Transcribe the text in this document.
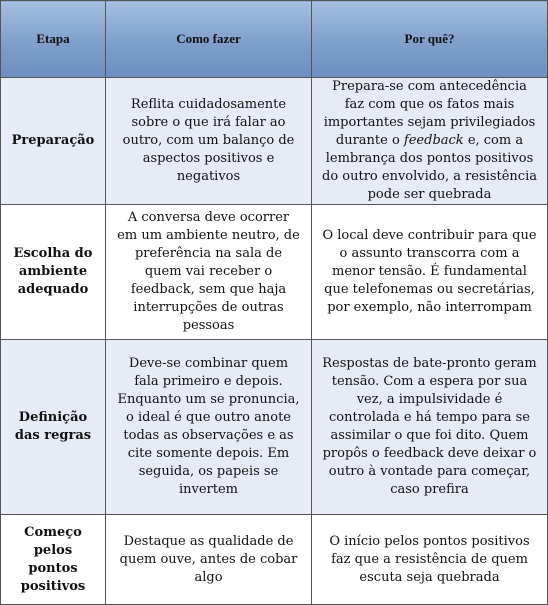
Etapa	Como fazer	Por quê?
Preparação	Reflita cuidadosamente sobre o que irá falar ao outro, com um balanço de aspectos positivos e negativos	Prepara-se com antecedência faz com que os fatos mais importantes sejam privilegiados durante o feedback e, com a lembrança dos pontos positivos do outro envolvido, a resistência pode ser quebrada
Escolha do ambiente adequado	A conversa deve ocorrer em um ambiente neutro, de preferência na sala de quem vai receber o feedback, sem que haja interrupções de outras pessoas	O local deve contribuir para que o assunto transcorra com a menor tensão. É fundamental que telefonemas ou secretárias, por exemplo, não interrompam
Definição das regras	Deve-se combinar quem fala primeiro e depois. Enquanto um se pronuncia, o ideal é que outro anote todas as observações e as cite somente depois. Em seguida, os papeis se invertem	Respostas de bate-pronto geram tensão. Com a espera por sua vez, a impulsividade é controlada e há tempo para se assimilar o que foi dito. Quem propôs o feedback deve deixar o outro à vontade para começar, caso prefira
Começo pelos pontos positivos	Destaque as qualidade de quem ouve, antes de cobar algo	O início pelos pontos positivos faz que a resistência de quem escuta seja quebrada
